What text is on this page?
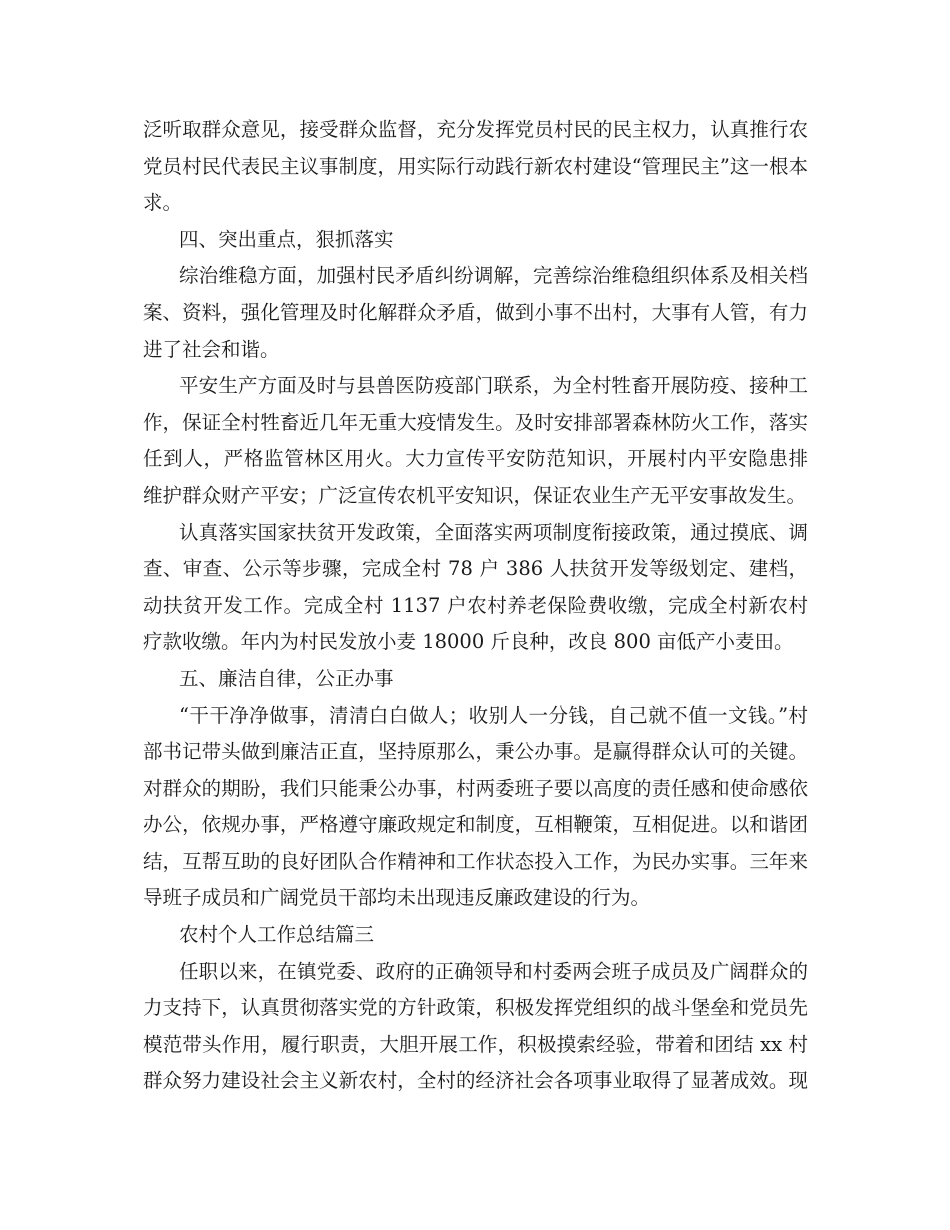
泛听取群众意见，接受群众监督，充分发挥党员村民的民主权力，认真推行农
党员村民代表民主议事制度，用实际行动践行新农村建设“管理民主”这一根本
求。
四、突出重点，狠抓落实
综治维稳方面，加强村民矛盾纠纷调解，完善综治维稳组织体系及相关档
案、资料，强化管理及时化解群众矛盾，做到小事不出村，大事有人管，有力
进了社会和谐。
平安生产方面及时与县兽医防疫部门联系，为全村牲畜开展防疫、接种工
作，保证全村牲畜近几年无重大疫情发生。及时安排部署森林防火工作，落实
任到人，严格监管林区用火。大力宣传平安防范知识，开展村内平安隐患排
维护群众财产平安；广泛宣传农机平安知识，保证农业生产无平安事故发生。
认真落实国家扶贫开发政策，全面落实两项制度衔接政策，通过摸底、调
查、审查、公示等步骤，完成全村 78 户 386 人扶贫开发等级划定、建档，
动扶贫开发工作。完成全村 1137 户农村养老保险费收缴，完成全村新农村
疗款收缴。年内为村民发放小麦 18000 斤良种，改良 800 亩低产小麦田。
五、廉洁自律，公正办事
“干干净净做事，清清白白做人；收别人一分钱，自己就不值一文钱。”村
部书记带头做到廉洁正直，坚持原那么，秉公办事。是赢得群众认可的关键。
对群众的期盼，我们只能秉公办事，村两委班子要以高度的责任感和使命感依
办公，依规办事，严格遵守廉政规定和制度，互相鞭策，互相促进。以和谐团
结，互帮互助的良好团队合作精神和工作状态投入工作，为民办实事。三年来
导班子成员和广阔党员干部均未出现违反廉政建设的行为。
农村个人工作总结篇三
任职以来，在镇党委、政府的正确领导和村委两会班子成员及广阔群众的
力支持下，认真贯彻落实党的方针政策，积极发挥党组织的战斗堡垒和党员先
模范带头作用，履行职责，大胆开展工作，积极摸索经验，带着和团结 xx 村
群众努力建设社会主义新农村，全村的经济社会各项事业取得了显著成效。现
